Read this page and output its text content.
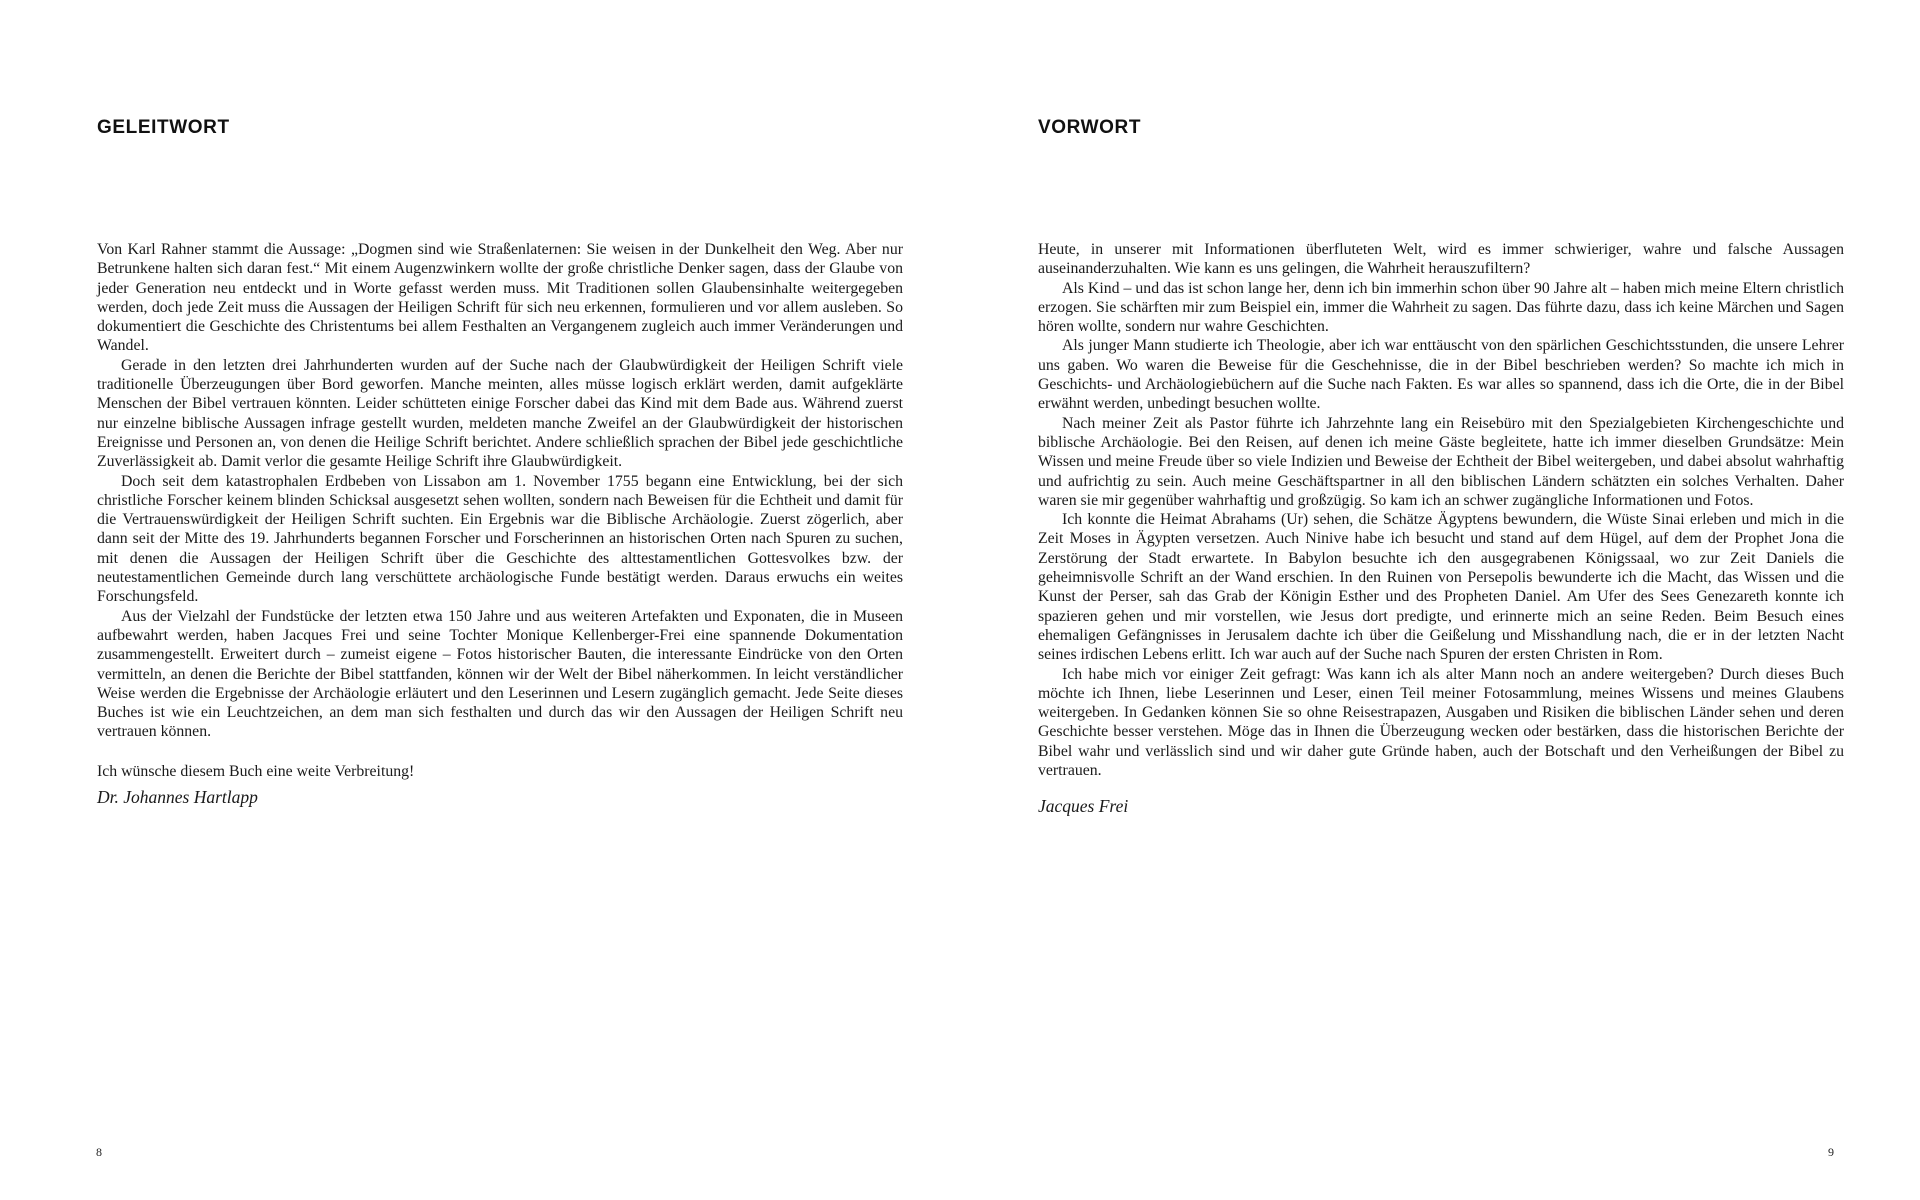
GELEITWORT

Von Karl Rahner stammt die Aussage: „Dogmen sind wie Straßenlaternen: Sie weisen in der Dunkelheit den Weg. Aber nur Betrunkene halten sich daran fest.“ Mit einem Augenzwinkern wollte der große christliche Denker sagen, dass der Glaube von jeder Generation neu entdeckt und in Worte gefasst werden muss. Mit Traditionen sollen Glaubensinhalte weitergegeben werden, doch jede Zeit muss die Aussagen der Heiligen Schrift für sich neu erkennen, formulieren und vor allem ausleben. So dokumentiert die Geschichte des Christentums bei allem Festhalten an Vergangenem zugleich auch immer Veränderungen und Wandel.

Gerade in den letzten drei Jahrhunderten wurden auf der Suche nach der Glaubwürdigkeit der Heiligen Schrift viele traditionelle Überzeugungen über Bord geworfen. Manche meinten, alles müsse logisch erklärt werden, damit aufgeklärte Menschen der Bibel vertrauen könnten. Leider schütteten einige Forscher dabei das Kind mit dem Bade aus. Während zuerst nur einzelne biblische Aussagen infrage gestellt wurden, meldeten manche Zweifel an der Glaubwürdigkeit der historischen Ereignisse und Personen an, von denen die Heilige Schrift berichtet. Andere schließlich sprachen der Bibel jede geschichtliche Zuverlässigkeit ab. Damit verlor die gesamte Heilige Schrift ihre Glaubwürdigkeit.

Doch seit dem katastrophalen Erdbeben von Lissabon am 1. November 1755 begann eine Entwicklung, bei der sich christliche Forscher keinem blinden Schicksal ausgesetzt sehen wollten, sondern nach Beweisen für die Echtheit und damit für die Vertrauenswürdigkeit der Heiligen Schrift suchten. Ein Ergebnis war die Biblische Archäologie. Zuerst zögerlich, aber dann seit der Mitte des 19. Jahrhunderts begannen Forscher und Forscherinnen an historischen Orten nach Spuren zu suchen, mit denen die Aussagen der Heiligen Schrift über die Geschichte des alttestamentlichen Gottesvolkes bzw. der neutestamentlichen Gemeinde durch lang verschüttete archäologische Funde bestätigt werden. Daraus erwuchs ein weites Forschungsfeld.

Aus der Vielzahl der Fundstücke der letzten etwa 150 Jahre und aus weiteren Artefakten und Exponaten, die in Museen aufbewahrt werden, haben Jacques Frei und seine Tochter Monique Kellenberger-Frei eine spannende Dokumentation zusammengestellt. Erweitert durch – zumeist eigene – Fotos historischer Bauten, die interessante Eindrücke von den Orten vermitteln, an denen die Berichte der Bibel stattfanden, können wir der Welt der Bibel näherkommen. In leicht verständlicher Weise werden die Ergebnisse der Archäologie erläutert und den Leserinnen und Lesern zugänglich gemacht. Jede Seite dieses Buches ist wie ein Leuchtzeichen, an dem man sich festhalten und durch das wir den Aussagen der Heiligen Schrift neu vertrauen können.

Ich wünsche diesem Buch eine weite Verbreitung!

Dr. Johannes Hartlapp

8
VORWORT

Heute, in unserer mit Informationen überfluteten Welt, wird es immer schwieriger, wahre und falsche Aussagen auseinanderzuhalten. Wie kann es uns gelingen, die Wahrheit herauszufiltern?

Als Kind – und das ist schon lange her, denn ich bin immerhin schon über 90 Jahre alt – haben mich meine Eltern christlich erzogen. Sie schärften mir zum Beispiel ein, immer die Wahrheit zu sagen. Das führte dazu, dass ich keine Märchen und Sagen hören wollte, sondern nur wahre Geschichten.

Als junger Mann studierte ich Theologie, aber ich war enttäuscht von den spärlichen Geschichtsstunden, die unsere Lehrer uns gaben. Wo waren die Beweise für die Geschehnisse, die in der Bibel beschrieben werden? So machte ich mich in Geschichts- und Archäologiebüchern auf die Suche nach Fakten. Es war alles so spannend, dass ich die Orte, die in der Bibel erwähnt werden, unbedingt besuchen wollte.

Nach meiner Zeit als Pastor führte ich Jahrzehnte lang ein Reisebüro mit den Spezialgebieten Kirchengeschichte und biblische Archäologie. Bei den Reisen, auf denen ich meine Gäste begleitete, hatte ich immer dieselben Grundsätze: Mein Wissen und meine Freude über so viele Indizien und Beweise der Echtheit der Bibel weitergeben, und dabei absolut wahrhaftig und aufrichtig zu sein. Auch meine Geschäftspartner in all den biblischen Ländern schätzten ein solches Verhalten. Daher waren sie mir gegenüber wahrhaftig und großzügig. So kam ich an schwer zugängliche Informationen und Fotos.

Ich konnte die Heimat Abrahams (Ur) sehen, die Schätze Ägyptens bewundern, die Wüste Sinai erleben und mich in die Zeit Moses in Ägypten versetzen. Auch Ninive habe ich besucht und stand auf dem Hügel, auf dem der Prophet Jona die Zerstörung der Stadt erwartete. In Babylon besuchte ich den ausgegrabenen Königssaal, wo zur Zeit Daniels die geheimnisvolle Schrift an der Wand erschien. In den Ruinen von Persepolis bewunderte ich die Macht, das Wissen und die Kunst der Perser, sah das Grab der Königin Esther und des Propheten Daniel. Am Ufer des Sees Genezareth konnte ich spazieren gehen und mir vorstellen, wie Jesus dort predigte, und erinnerte mich an seine Reden. Beim Besuch eines ehemaligen Gefängnisses in Jerusalem dachte ich über die Geißelung und Misshandlung nach, die er in der letzten Nacht seines irdischen Lebens erlitt. Ich war auch auf der Suche nach Spuren der ersten Christen in Rom.

Ich habe mich vor einiger Zeit gefragt: Was kann ich als alter Mann noch an andere weitergeben? Durch dieses Buch möchte ich Ihnen, liebe Leserinnen und Leser, einen Teil meiner Fotosammlung, meines Wissens und meines Glaubens weitergeben. In Gedanken können Sie so ohne Reisestrapazen, Ausgaben und Risiken die biblischen Länder sehen und deren Geschichte besser verstehen. Möge das in Ihnen die Überzeugung wecken oder bestärken, dass die historischen Berichte der Bibel wahr und verlässlich sind und wir daher gute Gründe haben, auch der Botschaft und den Verheißungen der Bibel zu vertrauen.

Jacques Frei

9
